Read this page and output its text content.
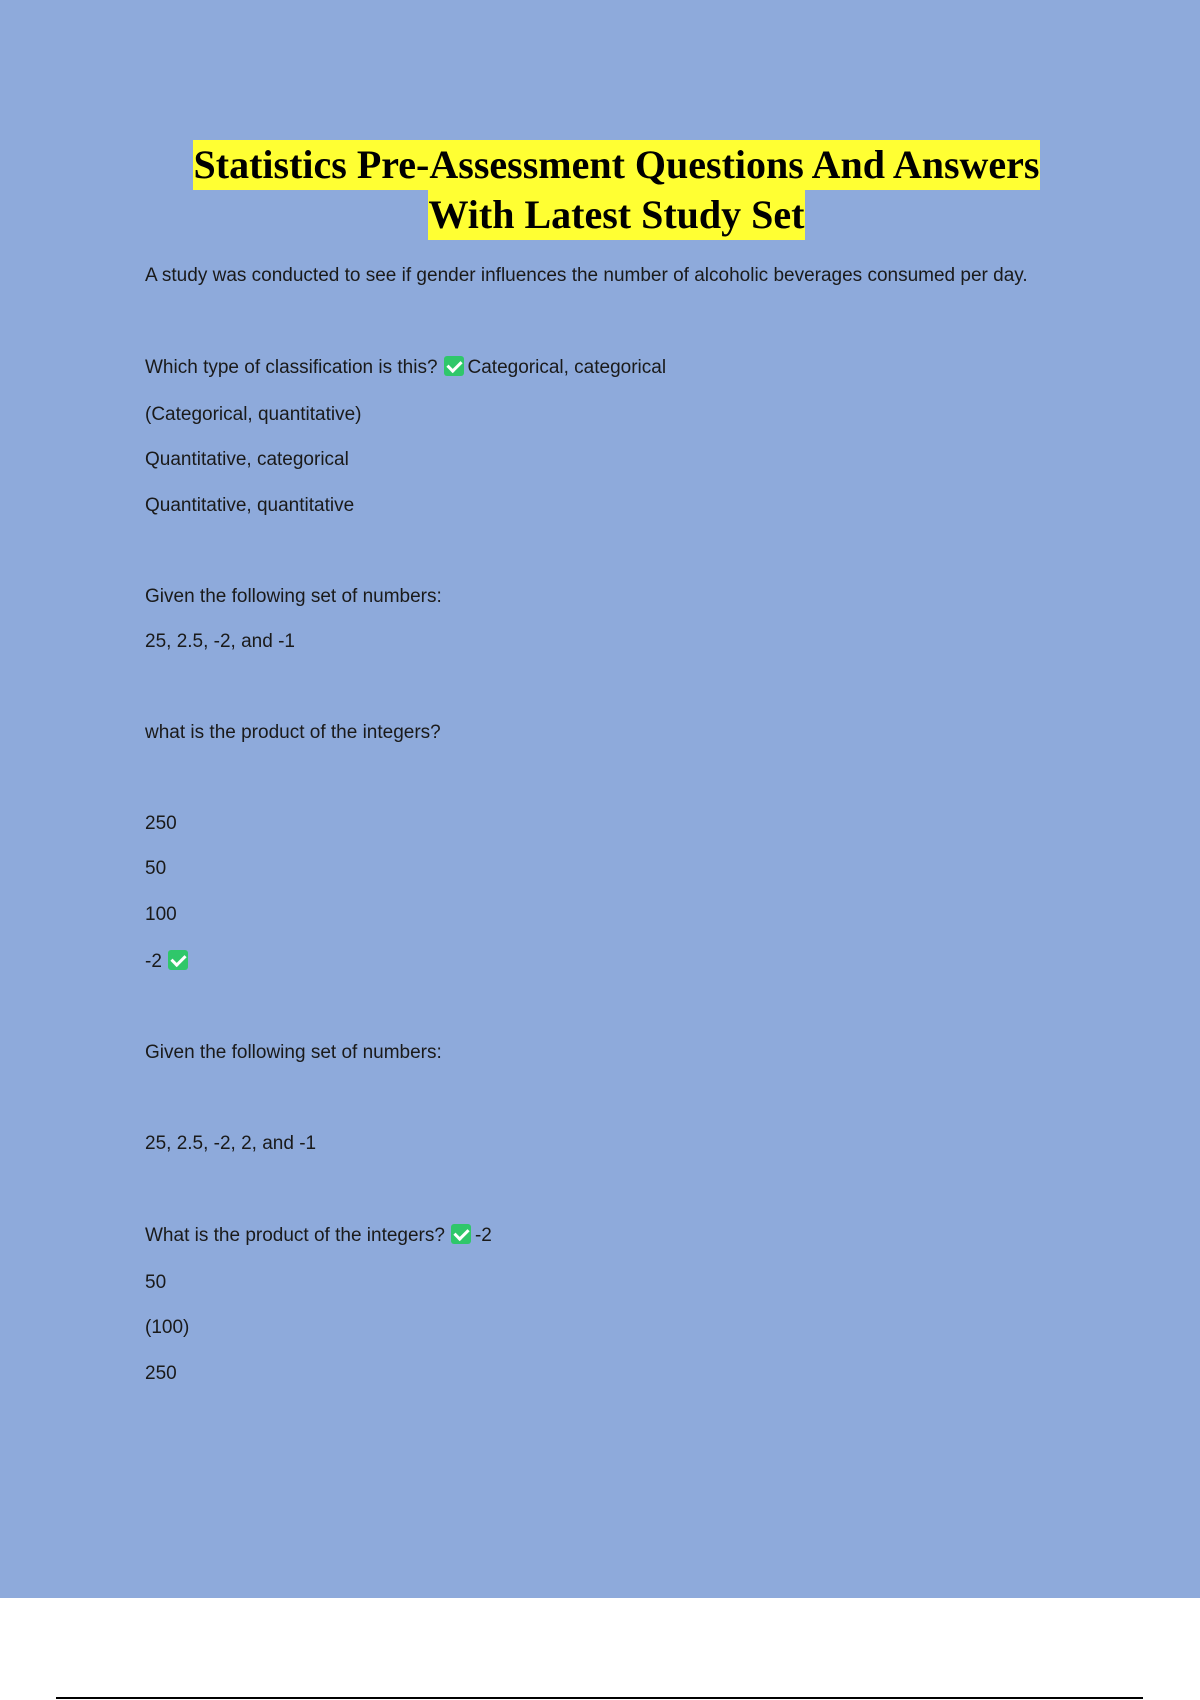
Statistics Pre-Assessment Questions And Answers
With Latest Study Set
A study was conducted to see if gender influences the number of alcoholic beverages consumed per day.
Which type of classification is this? Categorical, categorical
(Categorical, quantitative)
Quantitative, categorical
Quantitative, quantitative
Given the following set of numbers:
25, 2.5, -2, and -1
what is the product of the integers?
250
50
100
-2
Given the following set of numbers:
25, 2.5, -2, 2, and -1
What is the product of the integers? -2
50
(100)
250
